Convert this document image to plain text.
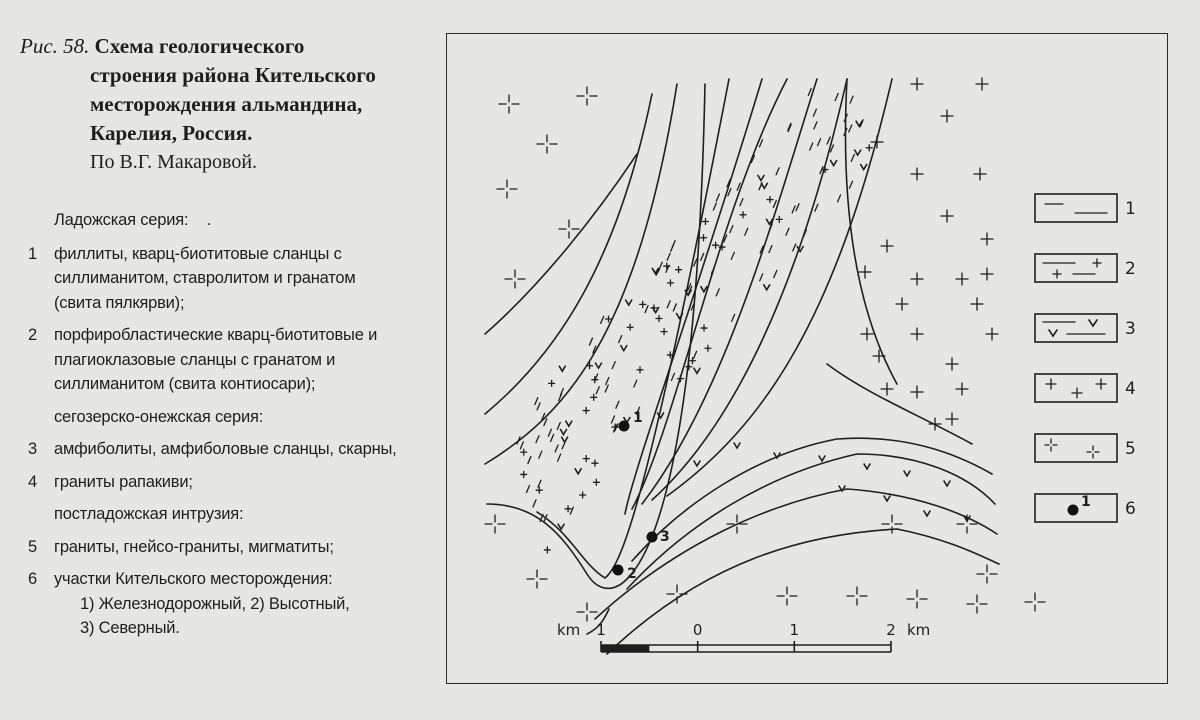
Рис. 58. Схема геологического
строения района Кительского
месторождения альмандина,
Карелия, Россия.
По В.Г. Макаровой.
Ладожская серия: .
1	филлиты, кварц-биотитовые сланцы с
силлиманитом, ставролитом и гранатом
(свита пялкярви);
2	порфиробластические кварц-биотитовые и
плагиоклазовые сланцы с гранатом и
силлиманитом (свита контиосари);
сегозерско-онежская серия:
3	амфиболиты, амфиболовые сланцы, скарны,
4	граниты рапакиви;
постладожская интрузия:
5	граниты, гнейсо-граниты, мигматиты;
6	участки Кительского месторождения:
1) Железнодорожный, 2) Высотный,
3) Северный.
1
2
3
4
5
1 6
1
2
3
1	0	1	2
km	km
